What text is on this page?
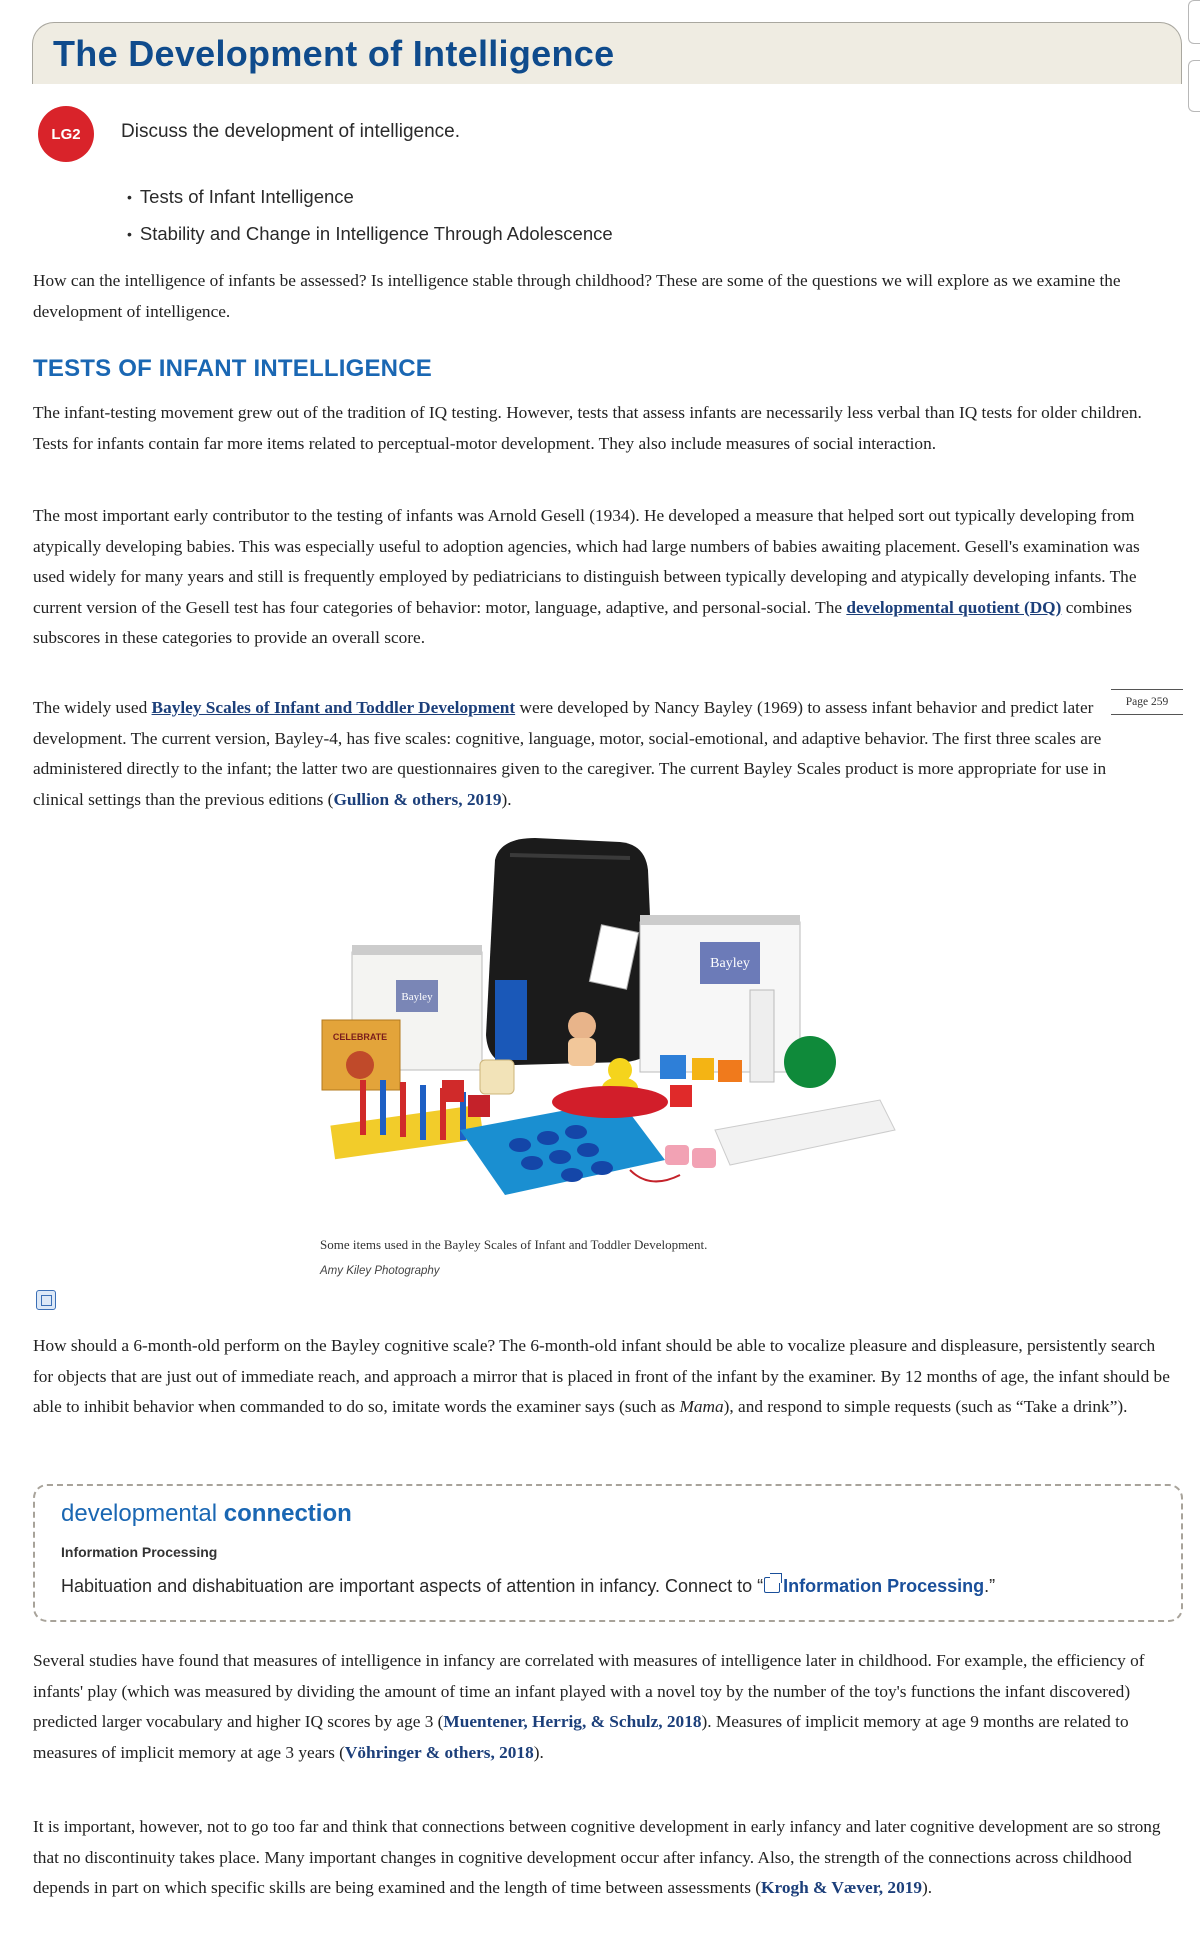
The Development of Intelligence
LG2	Discuss the development of intelligence.
• Tests of Infant Intelligence
• Stability and Change in Intelligence Through Adolescence

How can the intelligence of infants be assessed? Is intelligence stable through childhood? These are some of the questions we will explore as we examine the development of intelligence.

TESTS OF INFANT INTELLIGENCE

The infant-testing movement grew out of the tradition of IQ testing. However, tests that assess infants are necessarily less verbal than IQ tests for older children. Tests for infants contain far more items related to perceptual-motor development. They also include measures of social interaction.

The most important early contributor to the testing of infants was Arnold Gesell (1934). He developed a measure that helped sort out typically developing from atypically developing babies. This was especially useful to adoption agencies, which had large numbers of babies awaiting placement. Gesell's examination was used widely for many years and still is frequently employed by pediatricians to distinguish between typically developing and atypically developing infants. The current version of the Gesell test has four categories of behavior: motor, language, adaptive, and personal-social. The developmental quotient (DQ) combines subscores in these categories to provide an overall score.

The widely used Bayley Scales of Infant and Toddler Development were developed by Nancy Bayley (1969) to assess infant behavior and predict later development. The current version, Bayley-4, has five scales: cognitive, language, motor, social-emotional, and adaptive behavior. The first three scales are administered directly to the infant; the latter two are questionnaires given to the caregiver. The current Bayley Scales product is more appropriate for use in clinical settings than the previous editions (Gullion & others, 2019).

Page 259
Bayley
Bayley
CELEBRATE
Some items used in the Bayley Scales of Infant and Toddler Development.
Amy Kiley Photography

How should a 6-month-old perform on the Bayley cognitive scale? The 6-month-old infant should be able to vocalize pleasure and displeasure, persistently search for objects that are just out of immediate reach, and approach a mirror that is placed in front of the infant by the examiner. By 12 months of age, the infant should be able to inhibit behavior when commanded to do so, imitate words the examiner says (such as Mama), and respond to simple requests (such as “Take a drink”).

developmental connection
Information Processing
Habituation and dishabituation are important aspects of attention in infancy. Connect to “ Information Processing.”

Several studies have found that measures of intelligence in infancy are correlated with measures of intelligence later in childhood. For example, the efficiency of infants' play (which was measured by dividing the amount of time an infant played with a novel toy by the number of the toy's functions the infant discovered) predicted larger vocabulary and higher IQ scores by age 3 (Muentener, Herrig, & Schulz, 2018). Measures of implicit memory at age 9 months are related to measures of implicit memory at age 3 years (Vöhringer & others, 2018).

It is important, however, not to go too far and think that connections between cognitive development in early infancy and later cognitive development are so strong that no discontinuity takes place. Many important changes in cognitive development occur after infancy. Also, the strength of the connections across childhood depends in part on which specific skills are being examined and the length of time between assessments (Krogh & Væver, 2019).
